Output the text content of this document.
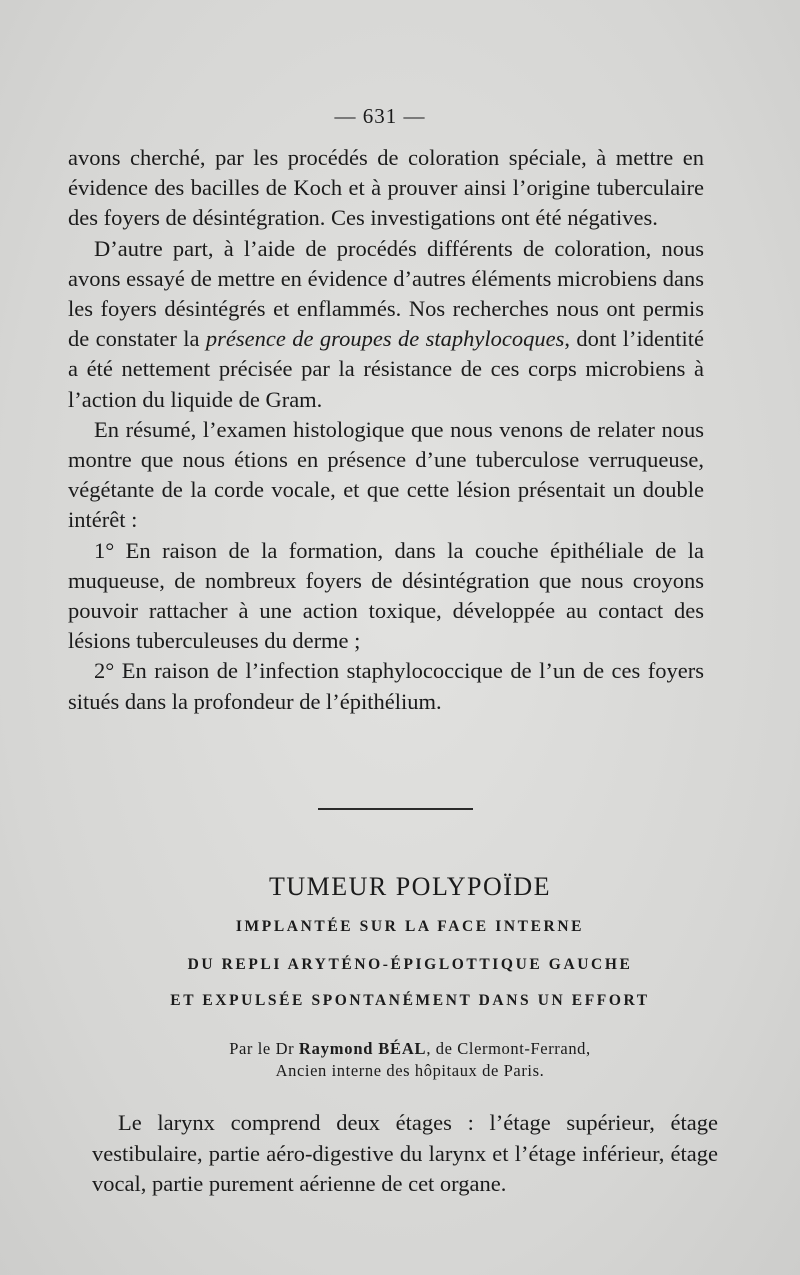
— 631 —

avons cherché, par les procédés de coloration spéciale, à mettre en évidence des bacilles de Koch et à prouver ainsi l’origine tuberculaire des foyers de désintégration. Ces investigations ont été négatives.

D’autre part, à l’aide de procédés différents de coloration, nous avons essayé de mettre en évidence d’autres éléments microbiens dans les foyers désintégrés et enflammés. Nos recherches nous ont permis de constater la présence de groupes de staphylocoques, dont l’identité a été nettement précisée par la résistance de ces corps microbiens à l’action du liquide de Gram.

En résumé, l’examen histologique que nous venons de relater nous montre que nous étions en présence d’une tuberculose verruqueuse, végétante de la corde vocale, et que cette lésion présentait un double intérêt :

1° En raison de la formation, dans la couche épithéliale de la muqueuse, de nombreux foyers de désintégration que nous croyons pouvoir rattacher à une action toxique, développée au contact des lésions tuberculeuses du derme ;

2° En raison de l’infection staphylococcique de l’un de ces foyers situés dans la profondeur de l’épithélium.

TUMEUR POLYPOÏDE
IMPLANTÉE SUR LA FACE INTERNE
DU REPLI ARYTÉNO-ÉPIGLOTTIQUE GAUCHE
ET EXPULSÉE SPONTANÉMENT DANS UN EFFORT
Par le Dr Raymond BÉAL, de Clermont-Ferrand,
Ancien interne des hôpitaux de Paris.

Le larynx comprend deux étages : l’étage supérieur, étage vestibulaire, partie aéro-digestive du larynx et l’étage inférieur, étage vocal, partie purement aérienne de cet organe.
